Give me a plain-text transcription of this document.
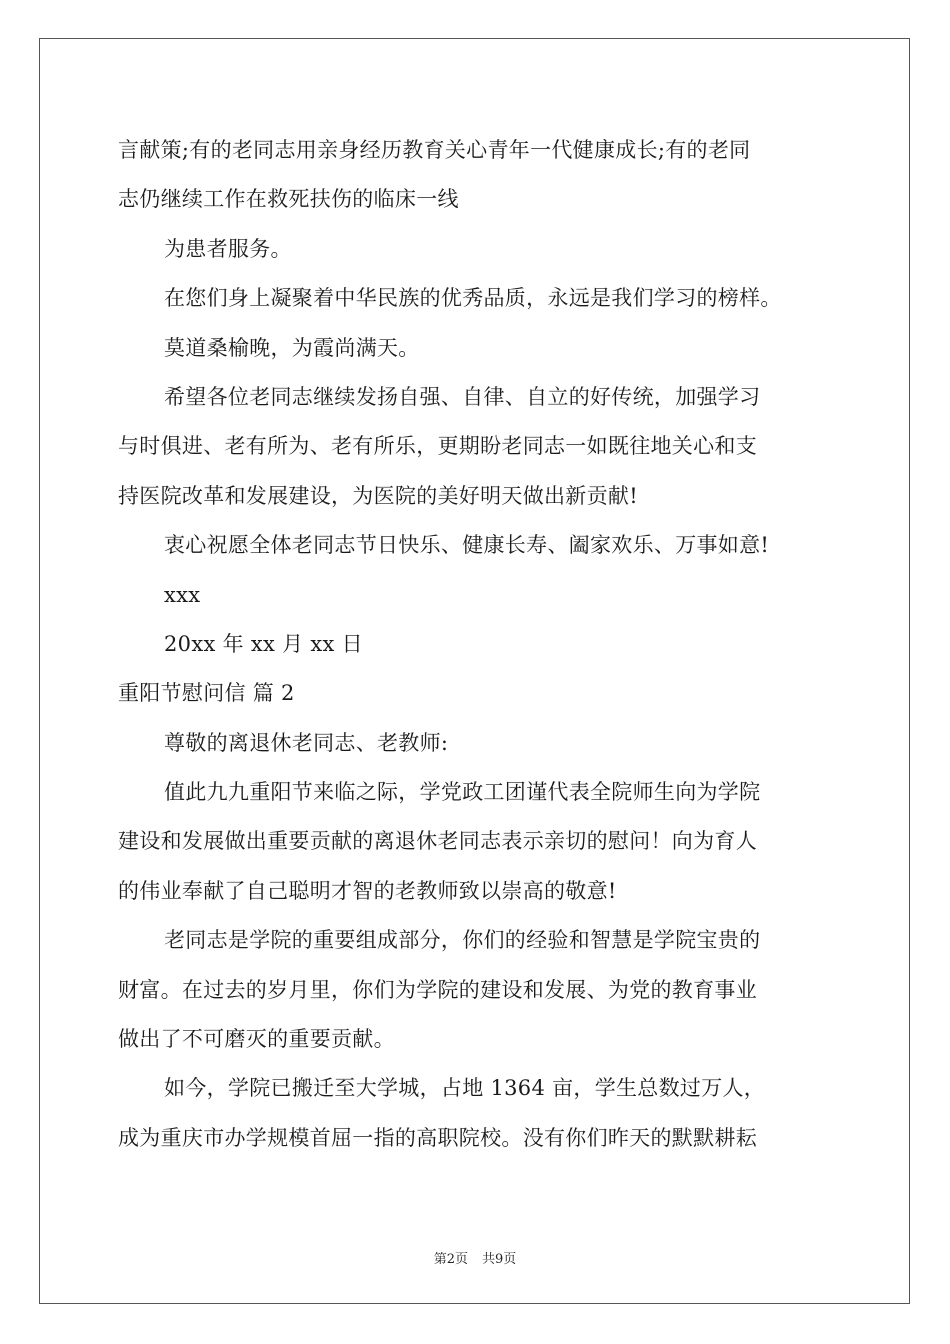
言献策;有的老同志用亲身经历教育关心青年一代健康成长;有的老同
志仍继续工作在救死扶伤的临床一线
为患者服务。
在您们身上凝聚着中华民族的优秀品质，永远是我们学习的榜样。
莫道桑榆晚，为霞尚满天。
希望各位老同志继续发扬自强、自律、自立的好传统，加强学习
与时俱进、老有所为、老有所乐，更期盼老同志一如既往地关心和支
持医院改革和发展建设，为医院的美好明天做出新贡献!
衷心祝愿全体老同志节日快乐、健康长寿、阖家欢乐、万事如意!
xxx
20xx 年 xx 月 xx 日
重阳节慰问信 篇 2
尊敬的离退休老同志、老教师:
值此九九重阳节来临之际，学党政工团谨代表全院师生向为学院
建设和发展做出重要贡献的离退休老同志表示亲切的慰问！向为育人
的伟业奉献了自己聪明才智的老教师致以崇高的敬意!
老同志是学院的重要组成部分，你们的经验和智慧是学院宝贵的
财富。在过去的岁月里，你们为学院的建设和发展、为党的教育事业
做出了不可磨灭的重要贡献。
如今，学院已搬迁至大学城，占地 1364 亩，学生总数过万人，
成为重庆市办学规模首屈一指的高职院校。没有你们昨天的默默耕耘
第2页 共9页
